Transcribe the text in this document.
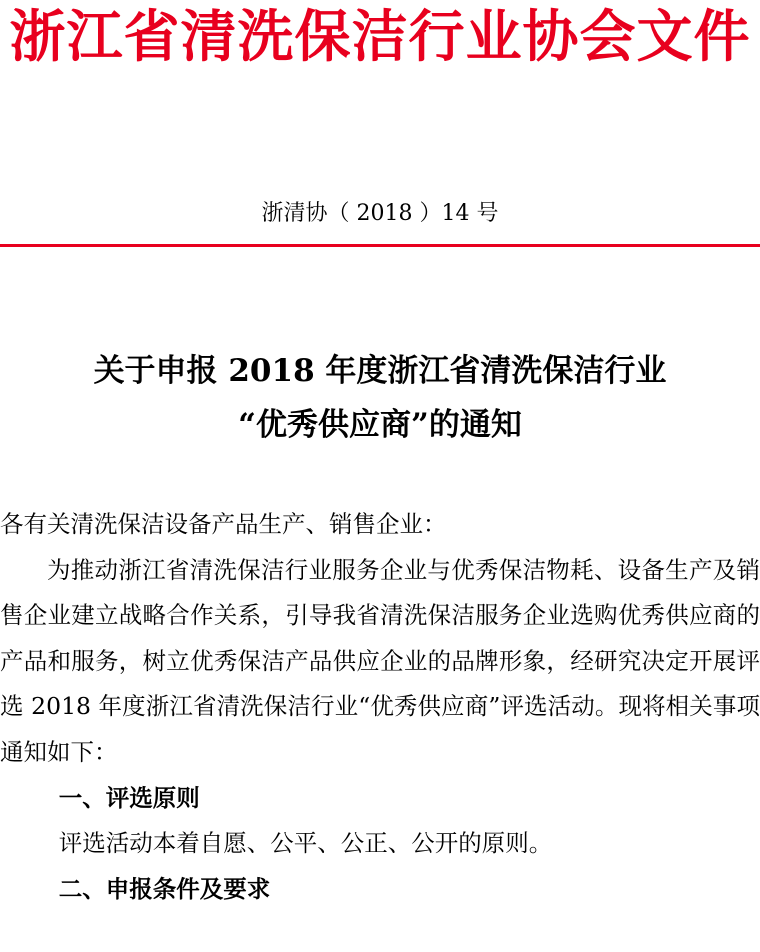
浙江省清洗保洁行业协会文件
浙清协（ 2018 ）14 号
关于申报 2018 年度浙江省清洗保洁行业
“优秀供应商”的通知

各有关清洗保洁设备产品生产、销售企业：

为推动浙江省清洗保洁行业服务企业与优秀保洁物耗、设备生产及销售企业建立战略合作关系，引导我省清洗保洁服务企业选购优秀供应商的产品和服务，树立优秀保洁产品供应企业的品牌形象，经研究决定开展评选 2018 年度浙江省清洗保洁行业“优秀供应商”评选活动。现将相关事项通知如下：

一、评选原则

评选活动本着自愿、公平、公正、公开的原则。

二、申报条件及要求
